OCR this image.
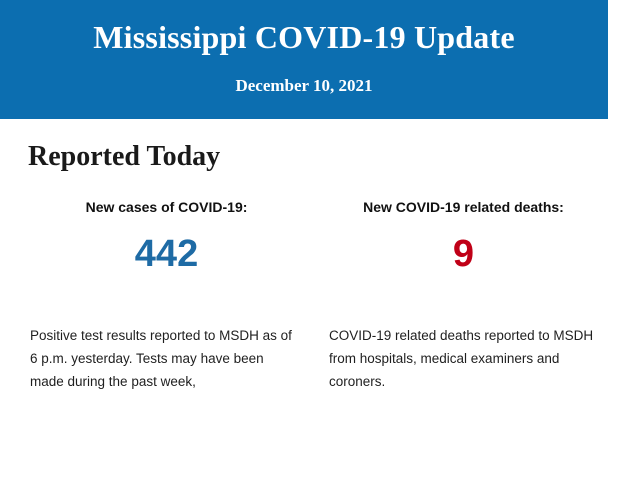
Mississippi COVID-19 Update
December 10, 2021
Reported Today
New cases of COVID-19:
442
New COVID-19 related deaths:
9
Positive test results reported to MSDH as of 6 p.m. yesterday. Tests may have been made during the past week,
COVID-19 related deaths reported to MSDH from hospitals, medical examiners and coroners.
